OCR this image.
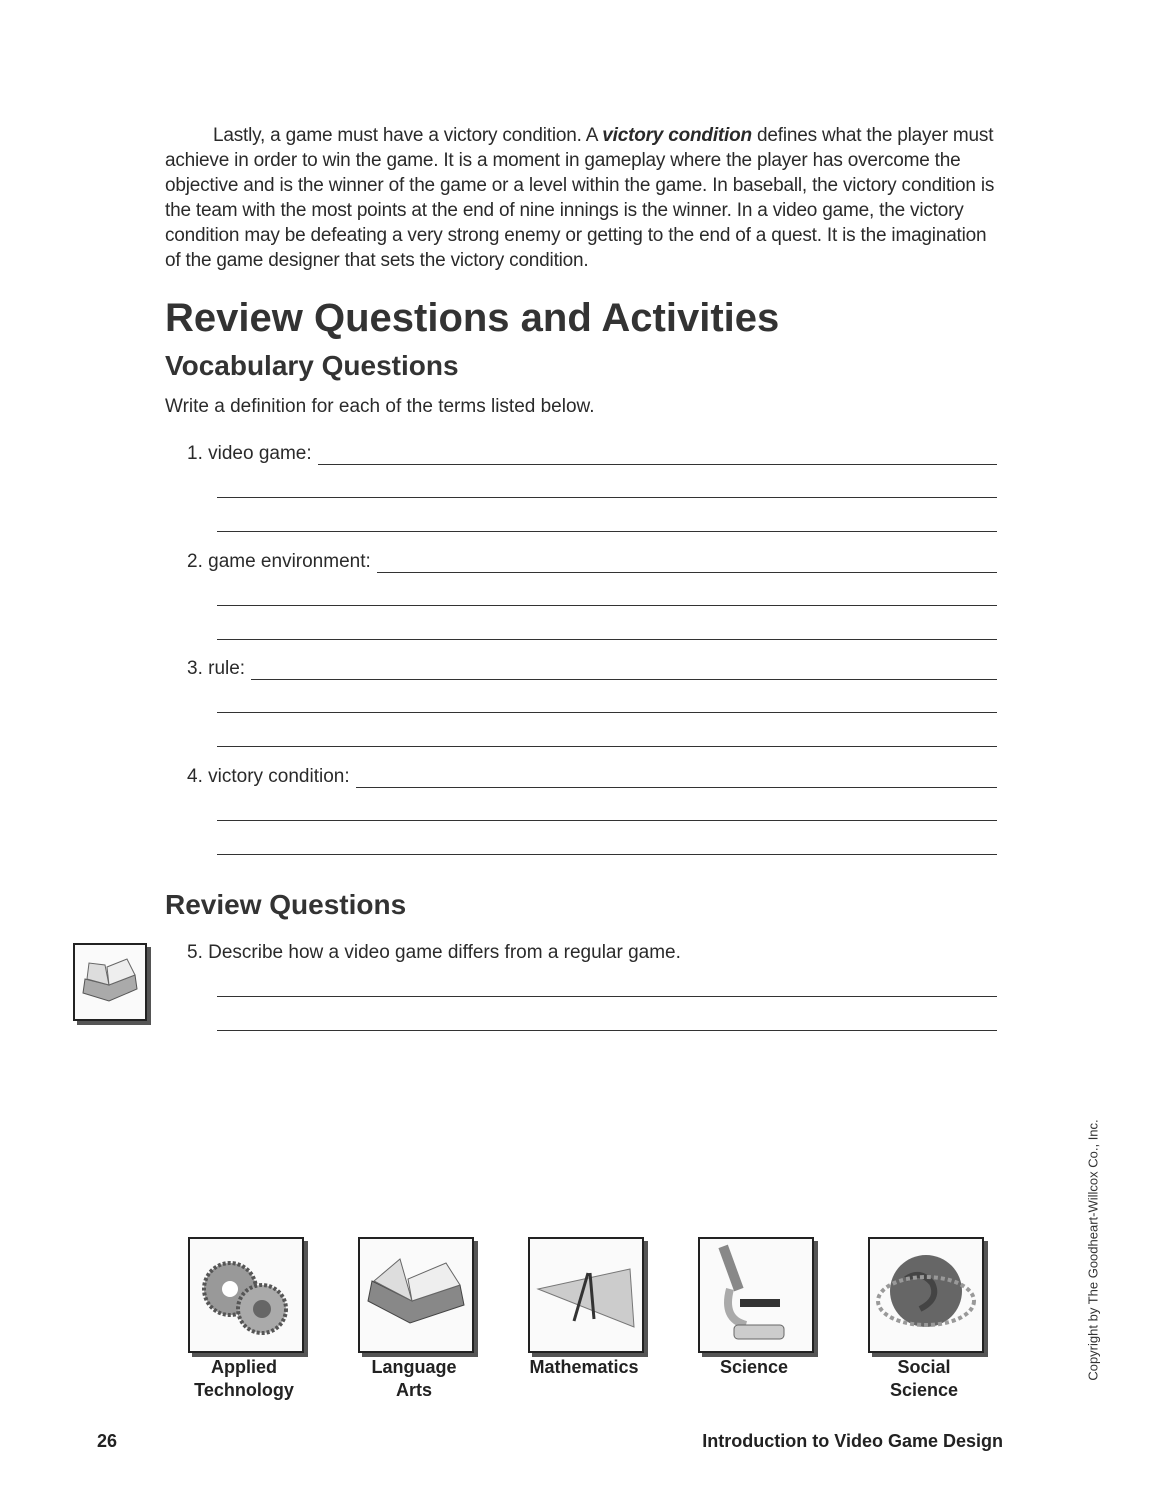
Lastly, a game must have a victory condition. A victory condition defines what the player must achieve in order to win the game. It is a moment in gameplay where the player has overcome the objective and is the winner of the game or a level within the game. In baseball, the victory condition is the team with the most points at the end of nine innings is the winner. In a video game, the victory condition may be defeating a very strong enemy or getting to the end of a quest. It is the imagination of the game designer that sets the victory condition.
Review Questions and Activities
Vocabulary Questions
Write a definition for each of the terms listed below.
1. video game:
2. game environment:
3. rule:
4. victory condition:
Review Questions
5. Describe how a video game differs from a regular game.
Applied
Technology
Language
Arts
Mathematics	Science	Social
Science
Copyright by The Goodheart-Willcox Co., Inc.
26	Introduction to Video Game Design
